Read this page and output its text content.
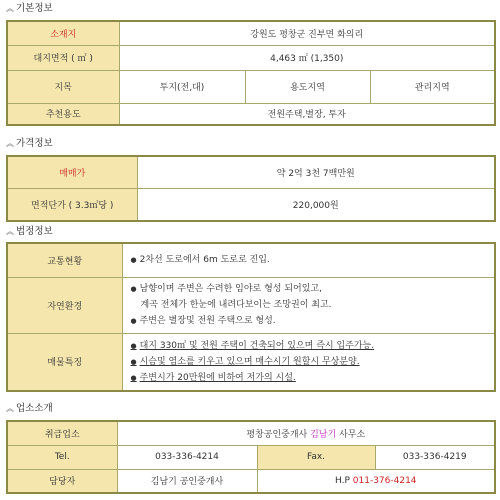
︽ 기본정보
소재지	강원도 평창군 진부면 화의리		
대지면적 ( ㎡ )	4,463 ㎡ (1,350)		
지목	투지(전,대)	용도지역	관리지역
추천용도	전원주택,별장, 투자		
︽ 가격정보
매매가	약 2억 3천 7백만원
면적단가 ( 3.3㎡당 )	220,000원
︽ 법정정보
교통현황	● 2차선 도로에서 6m 도로로 진입.

자연환경	● 남향이며 주변은 수려한 임야로 형성 되어있고,
계곡 전체가 한눈에 내려다보이는 조망권이 최고.
● 주변은 별장및 전원 주택으로 형성.

매물특징	● 대지 330㎡ 및 전원 주택이 건축되어 있으며 즉시 입주가능.
● 시슴및 염소를 키우고 있으며 매수시기 원할시 무상분양.
● 주변시가 20만원에 비하여 저가의 시설.
︽ 업소소개
취급업소	평창공인중개사 김남기 사무소		
Tel.	033-336-4214	Fax.	033-336-4219
담당자	김남기 공인중개사	H.P 011-376-4214	
